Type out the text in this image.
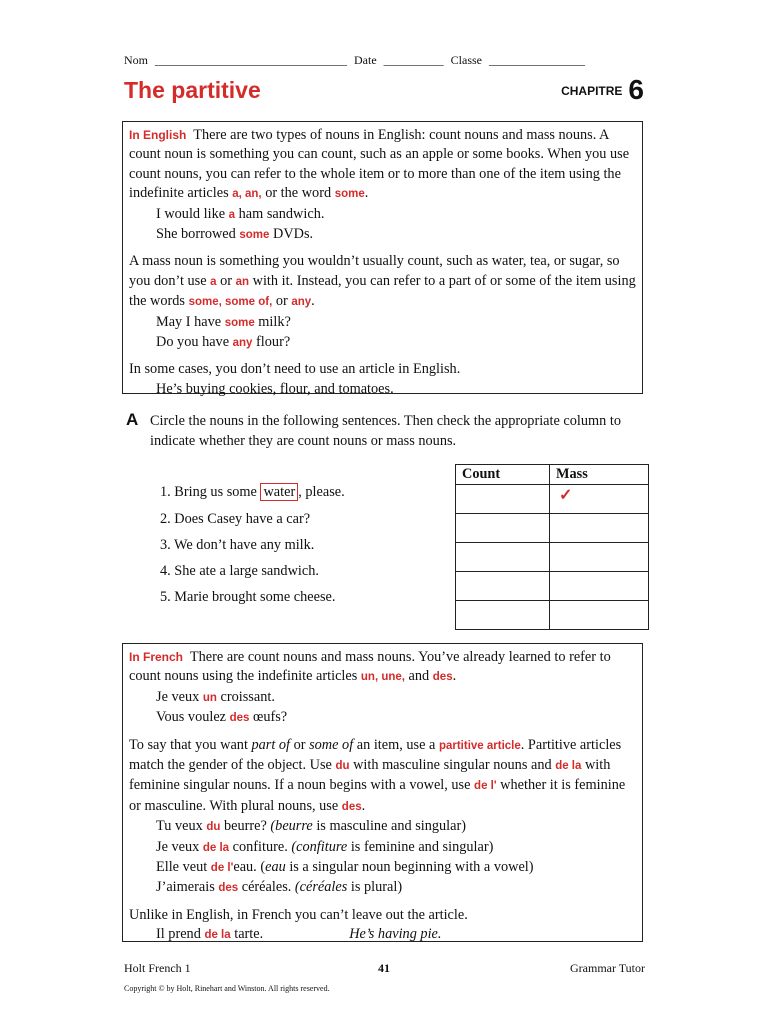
Nom ________________________________ Date __________ Classe ________________
The partitive	$^{CHAPITRE}$ 6

In English There are two types of nouns in English: count nouns and mass nouns. A count noun is something you can count, such as an apple or some books. When you use count nouns, you can refer to the whole item or to more than one of the item using the indefinite articles a, an, or the word some.

I would like a ham sandwich.

She borrowed some DVDs.

A mass noun is something you wouldn’t usually count, such as water, tea, or sugar, so you don’t use a or an with it. Instead, you can refer to a part of or some of the item using the words some, some of, or any.

May I have some milk?

Do you have any flour?

In some cases, you don’t need to use an article in English.

He’s buying cookies, flour, and tomatoes.

A Circle the nouns in the following sentences. Then check the appropriate column to indicate whether they are count nouns or mass nouns.
1. Bring us some water , please.
2. Does Casey have a car?
3. We don’t have any milk.
4. She ate a large sandwich.
5. Marie brought some cheese.
Count	Mass
	✓

In French There are count nouns and mass nouns. You’ve already learned to refer to count nouns using the indefinite articles un, une, and des.

Je veux un croissant.

Vous voulez des œufs?

To say that you want part of or some of an item, use a partitive article. Partitive articles match the gender of the object. Use du with masculine singular nouns and de la with feminine singular nouns. If a noun begins with a vowel, use de l' whether it is feminine or masculine. With plural nouns, use des.

Tu veux du beurre? (beurre is masculine and singular)

Je veux de la confiture. (confiture is feminine and singular)

Elle veut de l'eau. (eau is a singular noun beginning with a vowel)

J’aimerais des céréales. (céréales is plural)

Unlike in English, in French you can’t leave out the article.

Il prend de la tarte.	He’s having pie.

Holt French 1	41	Grammar Tutor
Copyright © by Holt, Rinehart and Winston. All rights reserved.
